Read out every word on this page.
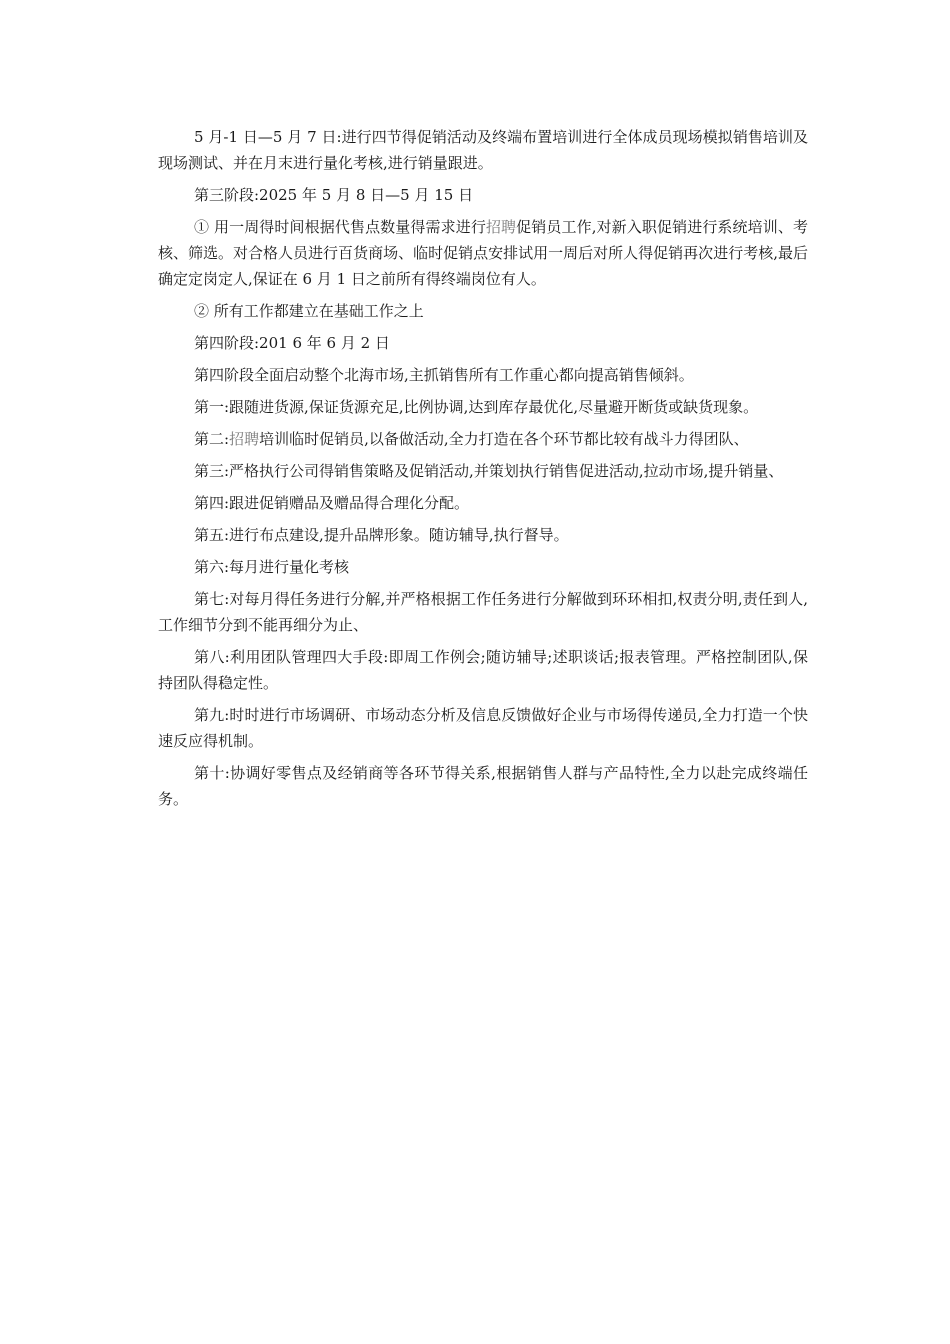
5 月-1 日—5 月 7 日:进行四节得促销活动及终端布置培训进行全体成员现场模拟销售培训及现场测试、并在月末进行量化考核,进行销量跟进。

第三阶段:2025 年 5 月 8 日—5 月 15 日

① 用一周得时间根据代售点数量得需求进行招聘促销员工作,对新入职促销进行系统培训、考核、筛选。对合格人员进行百货商场、临时促销点安排试用一周后对所人得促销再次进行考核,最后确定定岗定人,保证在 6 月 1 日之前所有得终端岗位有人。

② 所有工作都建立在基础工作之上

第四阶段:201 6 年 6 月 2 日

第四阶段全面启动整个北海市场,主抓销售所有工作重心都向提高销售倾斜。

第一:跟随进货源,保证货源充足,比例协调,达到库存最优化,尽量避开断货或缺货现象。

第二:招聘培训临时促销员,以备做活动,全力打造在各个环节都比较有战斗力得团队、

第三:严格执行公司得销售策略及促销活动,并策划执行销售促进活动,拉动市场,提升销量、

第四:跟进促销赠品及赠品得合理化分配。

第五:进行布点建设,提升品牌形象。随访辅导,执行督导。

第六:每月进行量化考核

第七:对每月得任务进行分解,并严格根据工作任务进行分解做到环环相扣,权责分明,责任到人,工作细节分到不能再细分为止、

第八:利用团队管理四大手段:即周工作例会;随访辅导;述职谈话;报表管理。严格控制团队,保持团队得稳定性。

第九:时时进行市场调研、市场动态分析及信息反馈做好企业与市场得传递员,全力打造一个快速反应得机制。

第十:协调好零售点及经销商等各环节得关系,根据销售人群与产品特性,全力以赴完成终端任务。
